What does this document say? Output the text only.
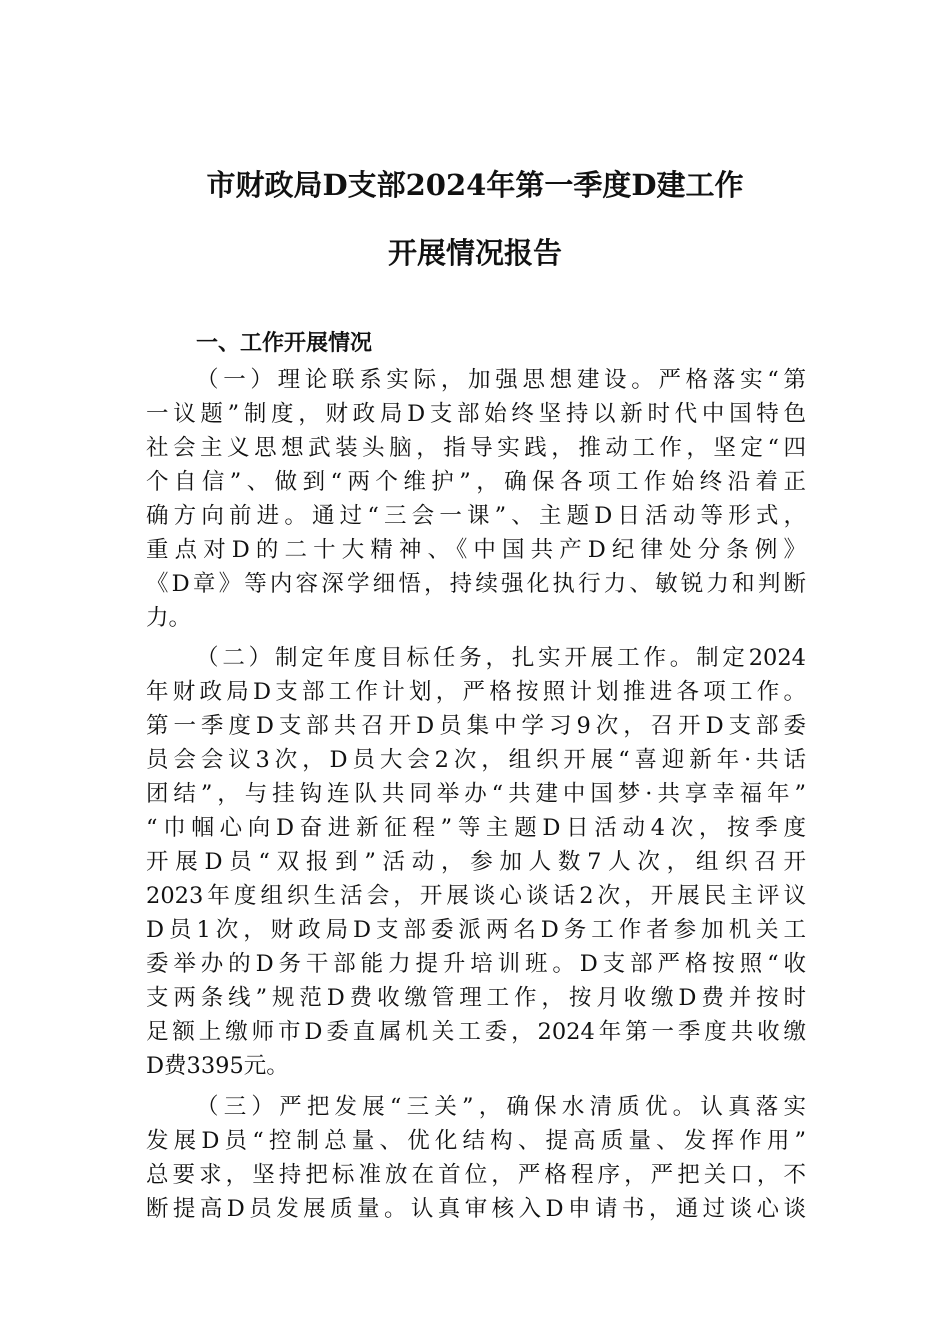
市财政局D支部2024年第一季度D建工作
开展情况报告
一、工作开展情况
（一）理论联系实际，加强思想建设。严格落实“第
一议题”制度，财政局D支部始终坚持以新时代中国特色
社会主义思想武装头脑，指导实践，推动工作，坚定“四
个自信”、做到“两个维护”，确保各项工作始终沿着正
确方向前进。通过“三会一课”、主题D日活动等形式，
重点对D的二十大精神、《中国共产D纪律处分条例》
《D章》等内容深学细悟，持续强化执行力、敏锐力和判断
力。
（二）制定年度目标任务，扎实开展工作。制定2024
年财政局D支部工作计划，严格按照计划推进各项工作。
第一季度D支部共召开D员集中学习9次，召开D支部委
员会会议3次，D员大会2次，组织开展“喜迎新年·共话
团结”，与挂钩连队共同举办“共建中国梦·共享幸福年”
“巾帼心向D奋进新征程”等主题D日活动4次，按季度
开展D员“双报到”活动，参加人数7人次，组织召开
2023年度组织生活会，开展谈心谈话2次，开展民主评议
D员1次，财政局D支部委派两名D务工作者参加机关工
委举办的D务干部能力提升培训班。D支部严格按照“收
支两条线”规范D费收缴管理工作，按月收缴D费并按时
足额上缴师市D委直属机关工委，2024年第一季度共收缴
D费3395元。
（三）严把发展“三关”，确保水清质优。认真落实
发展D员“控制总量、优化结构、提高质量、发挥作用”
总要求，坚持把标准放在首位，严格程序，严把关口，不
断提高D员发展质量。认真审核入D申请书，通过谈心谈
